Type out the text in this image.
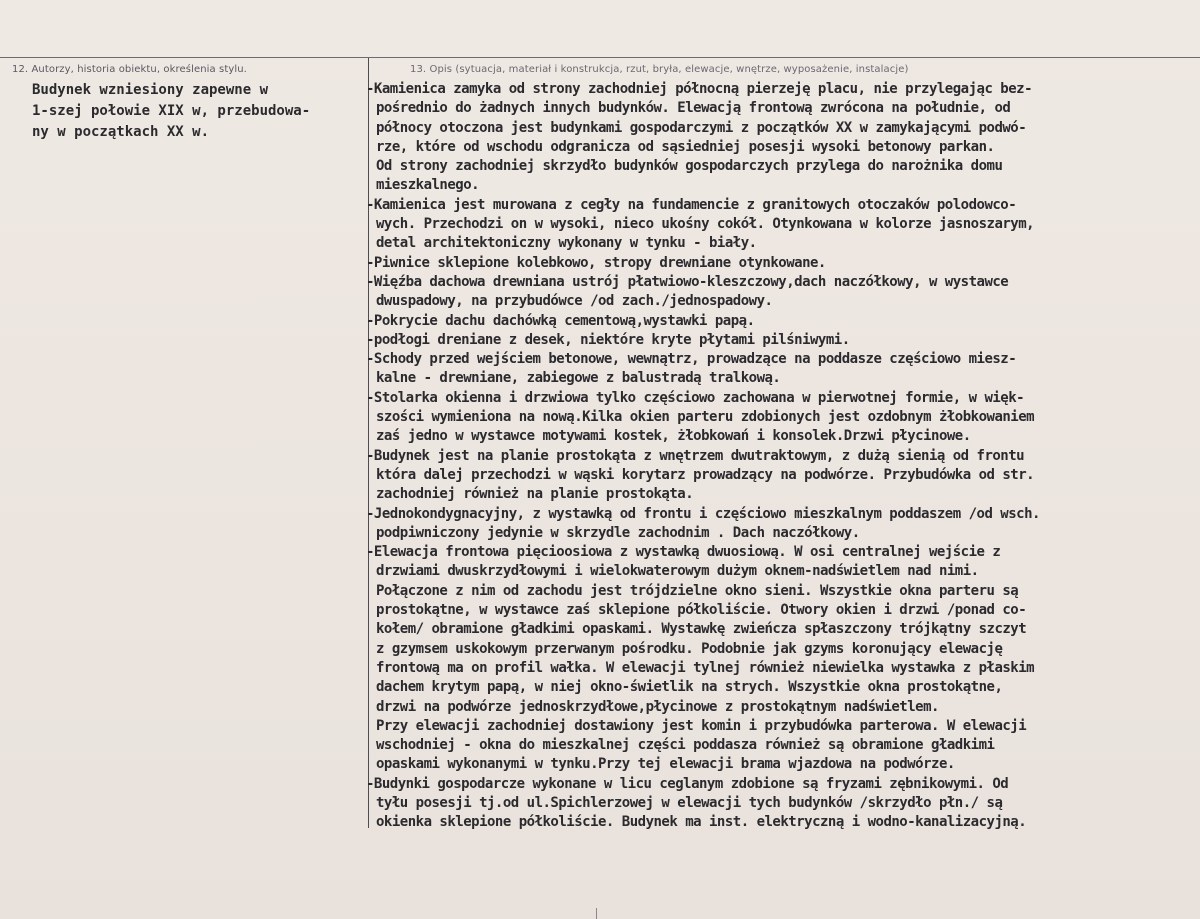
12. Autorzy, historia obiektu, określenia stylu.	13. Opis (sytuacja, materiał i konstrukcja, rzut, bryła, elewacje, wnętrze, wyposażenie, instalacje)
Budynek wzniesiony zapewne w
1-szej połowie XIX w, przebudowa-
ny w początkach XX w.
-Kamienica zamyka od strony zachodniej północną pierzeję placu, nie przylegając bez-
pośrednio do żadnych innych budynków. Elewacją frontową zwrócona na południe, od
północy otoczona jest budynkami gospodarczymi z początków XX w zamykającymi podwó-
rze, które od wschodu odgranicza od sąsiedniej posesji wysoki betonowy parkan.
Od strony zachodniej skrzydło budynków gospodarczych przylega do narożnika domu
mieszkalnego.
-Kamienica jest murowana z cegły na fundamencie z granitowych otoczaków polodowco-
wych. Przechodzi on w wysoki, nieco ukośny cokół. Otynkowana w kolorze jasnoszarym,
detal architektoniczny wykonany w tynku - biały.
-Piwnice sklepione kolebkowo, stropy drewniane otynkowane.
-Więźba dachowa drewniana ustrój płatwiowo-kleszczowy,dach naczółkowy, w wystawce
dwuspadowy, na przybudówce /od zach./jednospadowy.
-Pokrycie dachu dachówką cementową,wystawki papą.
-podłogi dreniane z desek, niektóre kryte płytami pilśniwymi.
-Schody przed wejściem betonowe, wewnątrz, prowadzące na poddasze częściowo miesz-
kalne - drewniane, zabiegowe z balustradą tralkową.
-Stolarka okienna i drzwiowa tylko częściowo zachowana w pierwotnej formie, w więk-
szości wymieniona na nową.Kilka okien parteru zdobionych jest ozdobnym żłobkowaniem
zaś jedno w wystawce motywami kostek, żłobkowań i konsolek.Drzwi płycinowe.
-Budynek jest na planie prostokąta z wnętrzem dwutraktowym, z dużą sienią od frontu
która dalej przechodzi w wąski korytarz prowadzący na podwórze. Przybudówka od str.
zachodniej również na planie prostokąta.
-Jednokondygnacyjny, z wystawką od frontu i częściowo mieszkalnym poddaszem /od wsch.
podpiwniczony jedynie w skrzydle zachodnim . Dach naczółkowy.
-Elewacja frontowa pięcioosiowa z wystawką dwuosiową. W osi centralnej wejście z
drzwiami dwuskrzydłowymi i wielokwaterowym dużym oknem-nadświetlem nad nimi.
Połączone z nim od zachodu jest trójdzielne okno sieni. Wszystkie okna parteru są
prostokątne, w wystawce zaś sklepione półkoliście. Otwory okien i drzwi /ponad co-
kołem/ obramione gładkimi opaskami. Wystawkę zwieńcza spłaszczony trójkątny szczyt
z gzymsem uskokowym przerwanym pośrodku. Podobnie jak gzyms koronujący elewację
frontową ma on profil wałka. W elewacji tylnej również niewielka wystawka z płaskim
dachem krytym papą, w niej okno-świetlik na strych. Wszystkie okna prostokątne,
drzwi na podwórze jednoskrzydłowe,płycinowe z prostokątnym nadświetlem.
Przy elewacji zachodniej dostawiony jest komin i przybudówka parterowa. W elewacji
wschodniej - okna do mieszkalnej części poddasza również są obramione gładkimi
opaskami wykonanymi w tynku.Przy tej elewacji brama wjazdowa na podwórze.
-Budynki gospodarcze wykonane w licu ceglanym zdobione są fryzami zębnikowymi. Od
tyłu posesji tj.od ul.Spichlerzowej w elewacji tych budynków /skrzydło płn./ są
okienka sklepione półkoliście. Budynek ma inst. elektryczną i wodno-kanalizacyjną.
